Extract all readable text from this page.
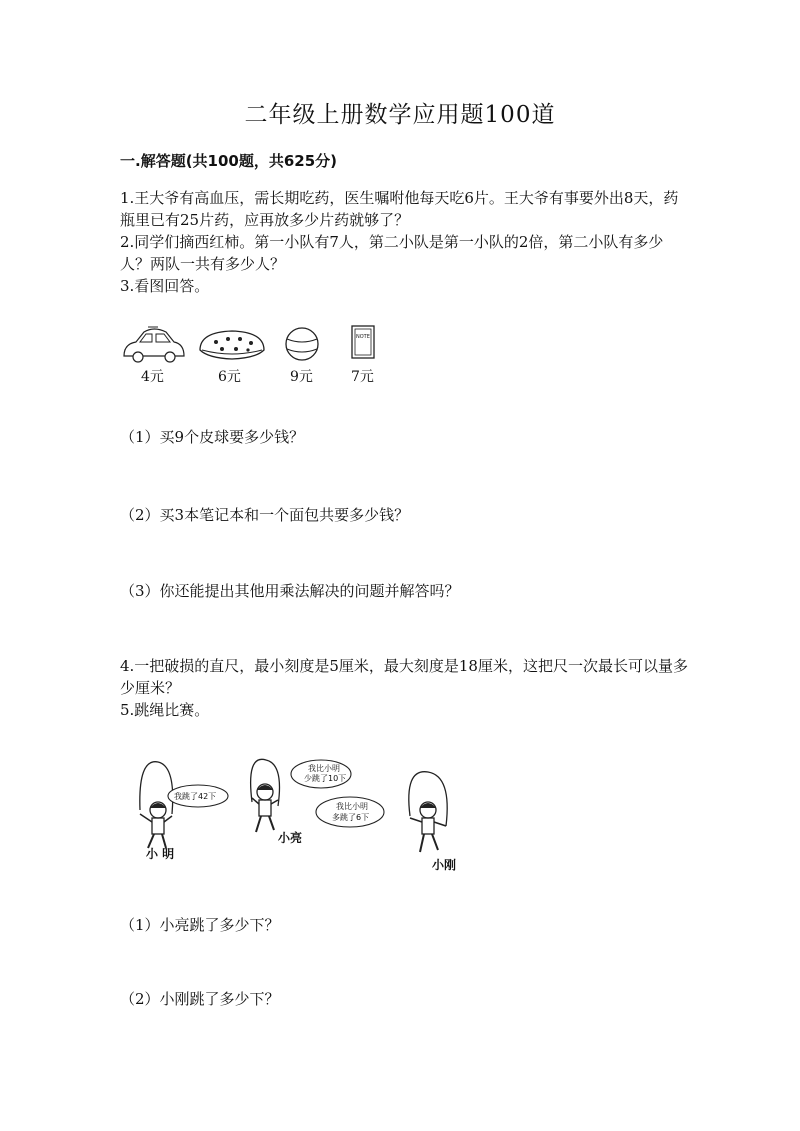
二年级上册数学应用题100道
一.解答题(共100题，共625分)

1.王大爷有高血压，需长期吃药，医生嘱咐他每天吃6片。王大爷有事要外出8天，药瓶里已有25片药，应再放多少片药就够了？

2.同学们摘西红柿。第一小队有7人，第二小队是第一小队的2倍，第二小队有多少人？两队一共有多少人？

3.看图回答。

4元	6元	9元
NOTE
7元

（1）买9个皮球要多少钱？

（2）买3本笔记本和一个面包共要多少钱？

（3）你还能提出其他用乘法解决的问题并解答吗？

4.一把破损的直尺，最小刻度是5厘米，最大刻度是18厘米，这把尺一次最长可以量多少厘米？

5.跳绳比赛。

我跳了42下
小 明
我比小明
少跳了10下
小亮
我比小明
多跳了6下
小刚

（1）小亮跳了多少下？

（2）小刚跳了多少下？
